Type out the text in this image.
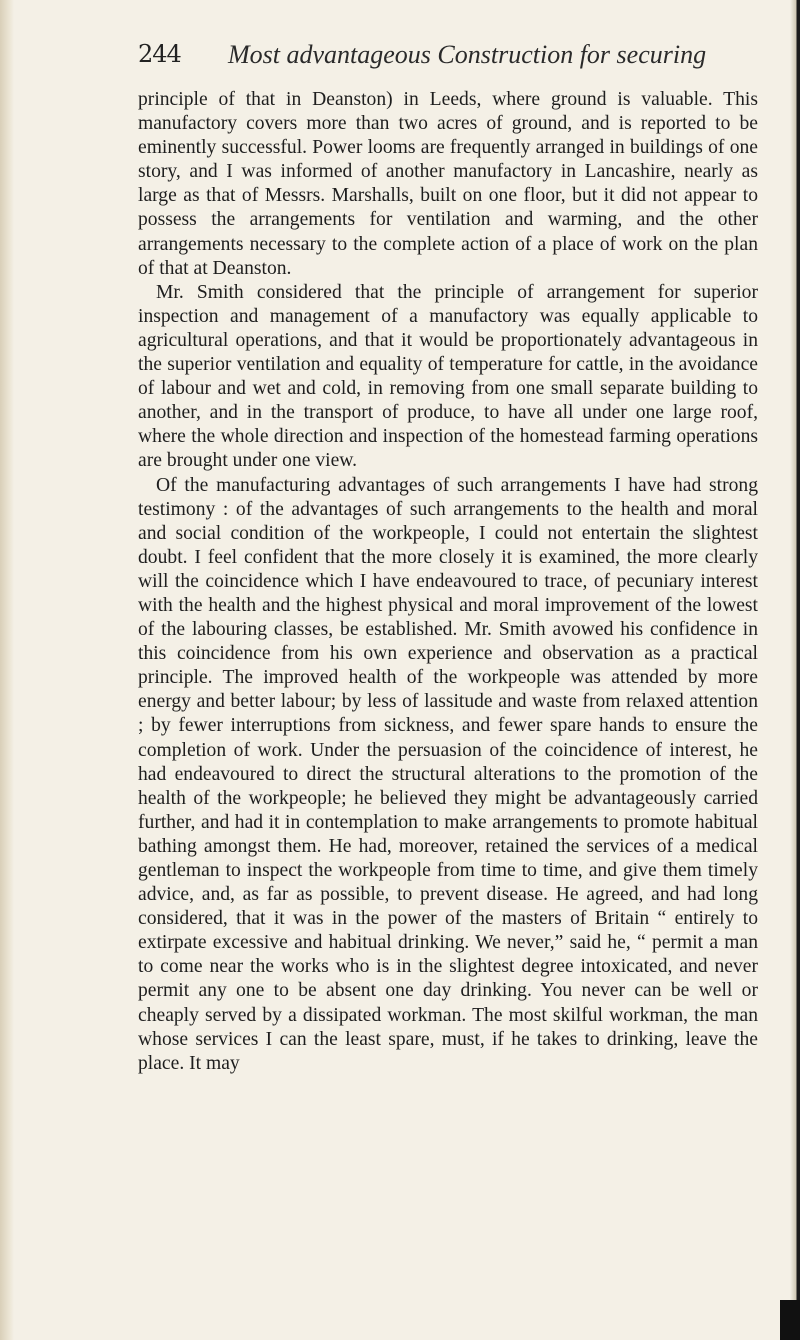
244 Most advantageous Construction for securing

principle of that in Deanston) in Leeds, where ground is valuable. This manufactory covers more than two acres of ground, and is reported to be eminently successful. Power looms are frequently arranged in buildings of one story, and I was informed of another manufactory in Lancashire, nearly as large as that of Messrs. Marshalls, built on one floor, but it did not appear to possess the arrangements for ventilation and warming, and the other arrangements necessary to the complete action of a place of work on the plan of that at Deanston.

Mr. Smith considered that the principle of arrangement for superior inspection and management of a manufactory was equally applicable to agricultural operations, and that it would be proportionately advantageous in the superior ventilation and equality of temperature for cattle, in the avoidance of labour and wet and cold, in removing from one small separate building to another, and in the transport of produce, to have all under one large roof, where the whole direction and inspection of the homestead farming operations are brought under one view.

Of the manufacturing advantages of such arrangements I have had strong testimony : of the advantages of such arrangements to the health and moral and social condition of the workpeople, I could not entertain the slightest doubt. I feel confident that the more closely it is examined, the more clearly will the coincidence which I have endeavoured to trace, of pecuniary interest with the health and the highest physical and moral improvement of the lowest of the labouring classes, be established. Mr. Smith avowed his confidence in this coincidence from his own experience and observation as a practical principle. The improved health of the workpeople was attended by more energy and better labour; by less of lassitude and waste from relaxed attention ; by fewer interruptions from sickness, and fewer spare hands to ensure the completion of work. Under the persuasion of the coincidence of interest, he had endeavoured to direct the structural alterations to the promotion of the health of the workpeople; he believed they might be advantageously carried further, and had it in contemplation to make arrangements to promote habitual bathing amongst them. He had, moreover, retained the services of a medical gentleman to inspect the workpeople from time to time, and give them timely advice, and, as far as possible, to prevent disease. He agreed, and had long considered, that it was in the power of the masters of Britain “ entirely to extirpate excessive and habitual drinking. We never,” said he, “ permit a man to come near the works who is in the slightest degree intoxicated, and never permit any one to be absent one day drinking. You never can be well or cheaply served by a dissipated workman. The most skilful workman, the man whose services I can the least spare, must, if he takes to drinking, leave the place. It may
